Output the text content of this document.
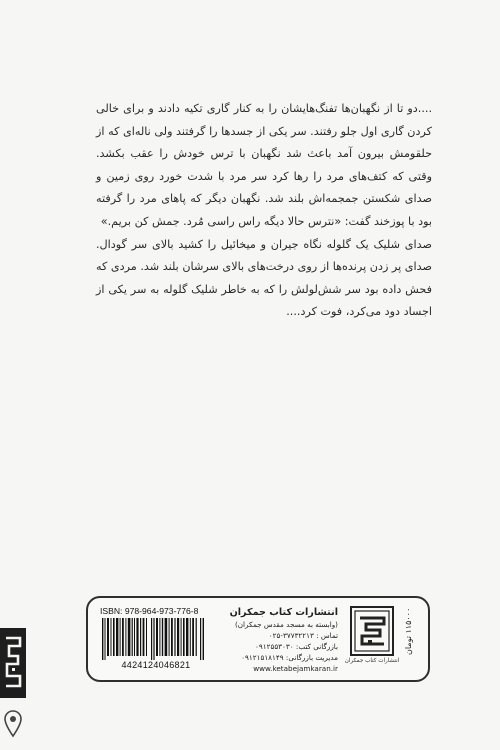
....دو تا از نگهبان‌ها تفنگ‌هایشان را به کنار گاری تکیه دادند و برای خالی کردن گاری اول جلو رفتند. سر یکی از جسدها را گرفتند ولی ناله‌ای که از حلقومش بیرون آمد باعث شد نگهبان با ترس خودش را عقب بکشد. وقتی که کتف‌های مرد را رها کرد سر مرد با شدت خورد روی زمین و صدای شکستن جمجمه‌اش بلند شد. نگهبان دیگر که پاهای مرد را گرفته بود با پوزخند گفت: «نترس حالا دیگه راس راسی مُرد. جمش کن بریم.»

صدای شلیک یک گلوله نگاه جیران و میخائیل را کشید بالای سر گودال. صدای پر زدن پرنده‌ها از روی درخت‌های بالای سرشان بلند شد. مردی که فحش داده بود سر شش‌لولش را که به خاطر شلیک گلوله به سر یکی از اجساد دود می‌کرد، فوت کرد....

ISBN: 978-964-973-776-8
4424124046821
انتشارات کتاب جمکران
(وابسته به مسجد مقدس جمکران)
تماس : ۳۷۷۳۲۲۱۳-۰۲۵
بازرگانی کتب: ۰۹۱۲۵۵۳۰۳۰
مدیریت بازرگانی: ۰۹۱۲۱۵۱۸۱۴۹
www.ketabejamkaran.ir
انتشارات کتاب جمکران
۱۱۵۰۰۰ تومان
